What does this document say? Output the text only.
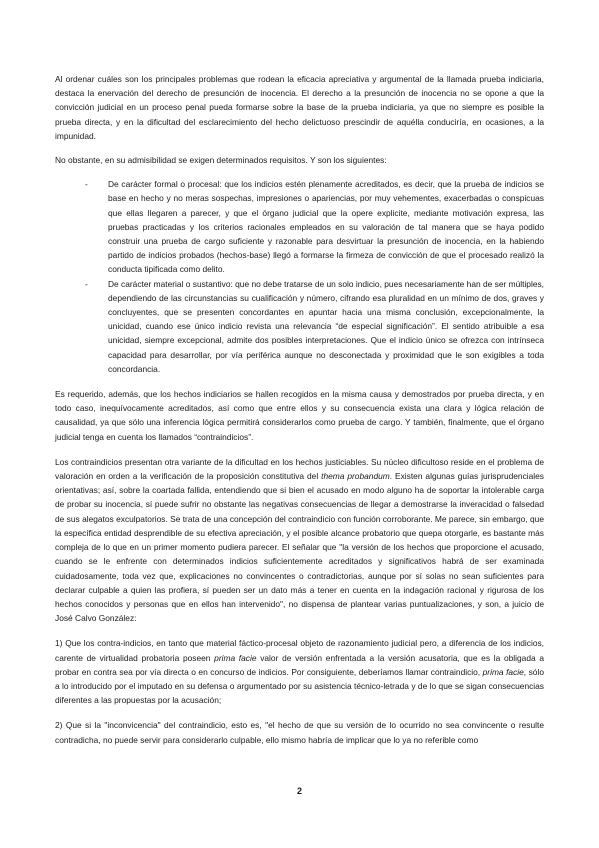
Al ordenar cuáles son los principales problemas que rodean la eficacia apreciativa y argumental de la llamada prueba indiciaria, destaca la enervación del derecho de presunción de inocencia. El derecho a la presunción de inocencia no se opone a que la convicción judicial en un proceso penal pueda formarse sobre la base de la prueba indiciaria, ya que no siempre es posible la prueba directa, y en la dificultad del esclarecimiento del hecho delictuoso prescindir de aquélla conduciría, en ocasiones, a la impunidad.

No obstante, en su admisibilidad se exigen determinados requisitos. Y son los siguientes:

- De carácter formal o procesal: que los indicios estén plenamente acreditados, es decir, que la prueba de indicios se base en hecho y no meras sospechas, impresiones o apariencias, por muy vehementes, exacerbadas o conspicuas que ellas llegaren a parecer, y que el órgano judicial que la opere explicite, mediante motivación expresa, las pruebas practicadas y los criterios racionales empleados en su valoración de tal manera que se haya podido construir una prueba de cargo suficiente y razonable para desvirtuar la presunción de inocencia, en la habiendo partido de indicios probados (hechos-base) llegó a formarse la firmeza de convicción de que el procesado realizó la conducta tipificada como delito.

- De carácter material o sustantivo: que no debe tratarse de un solo indicio, pues necesariamente han de ser múltiples, dependiendo de las circunstancias su cualificación y número, cifrando esa pluralidad en un mínimo de dos, graves y concluyentes, que se presenten concordantes en apuntar hacia una misma conclusión, excepcionalmente, la unicidad, cuando ese único indicio revista una relevancia “de especial significación”. El sentido atribuible a esa unicidad, siempre excepcional, admite dos posibles interpretaciones. Que el indicio único se ofrezca con intrínseca capacidad para desarrollar, por vía periférica aunque no desconectada y proximidad que le son exigibles a toda concordancia.

Es requerido, además, que los hechos indiciarios se hallen recogidos en la misma causa y demostrados por prueba directa, y en todo caso, inequívocamente acreditados, así como que entre ellos y su consecuencia exista una clara y lógica relación de causalidad, ya que sólo una inferencia lógica permitirá considerarlos como prueba de cargo. Y también, finalmente, que el órgano judicial tenga en cuenta los llamados “contraindicios”.

Los contraindicios presentan otra variante de la dificultad en los hechos justiciables. Su núcleo dificultoso reside en el problema de valoración en orden a la verificación de la proposición constitutiva del thema probandum. Existen algunas guías jurisprudenciales orientativas; así, sobre la coartada fallida, entendiendo que si bien el acusado en modo alguno ha de soportar la intolerable carga de probar su inocencia, sí puede sufrir no obstante las negativas consecuencias de llegar a demostrarse la inveracidad o falsedad de sus alegatos exculpatorios. Se trata de una concepción del contraindicio con función corroborante. Me parece, sin embargo, que la específica entidad desprendible de su efectiva apreciación, y el posible alcance probatorio que quepa otorgarle, es bastante más compleja de lo que en un primer momento pudiera parecer. El señalar que "la versión de los hechos que proporcione el acusado, cuando se le enfrente con determinados indicios suficientemente acreditados y significativos habrá de ser examinada cuidadosamente, toda vez que, explicaciones no convincentes o contradictorias, aunque por sí solas no sean suficientes para declarar culpable a quien las profiera, sí pueden ser un dato más a tener en cuenta en la indagación racional y rigurosa de los hechos conocidos y personas que en ellos han intervenido", no dispensa de plantear varias puntualizaciones, y son, a juicio de José Calvo González:

1) Que los contra-indicios, en tanto que material fáctico-procesal objeto de razonamiento judicial pero, a diferencia de los indicios, carente de virtualidad probatoria poseen prima facie valor de versión enfrentada a la versión acusatoria, que es la obligada a probar en contra sea por vía directa o en concurso de indicios. Por consiguiente, deberíamos llamar contraindicio, prima facie, sólo a lo introducido por el imputado en su defensa o argumentado por su asistencia técnico-letrada y de lo que se sigan consecuencias diferentes a las propuestas por la acusación;

2) Que si la "inconvicencia" del contraindicio, esto es, "el hecho de que su versión de lo ocurrido no sea convincente o resulte contradicha, no puede servir para considerarlo culpable, ello mismo habría de implicar que lo ya no referible como

2
